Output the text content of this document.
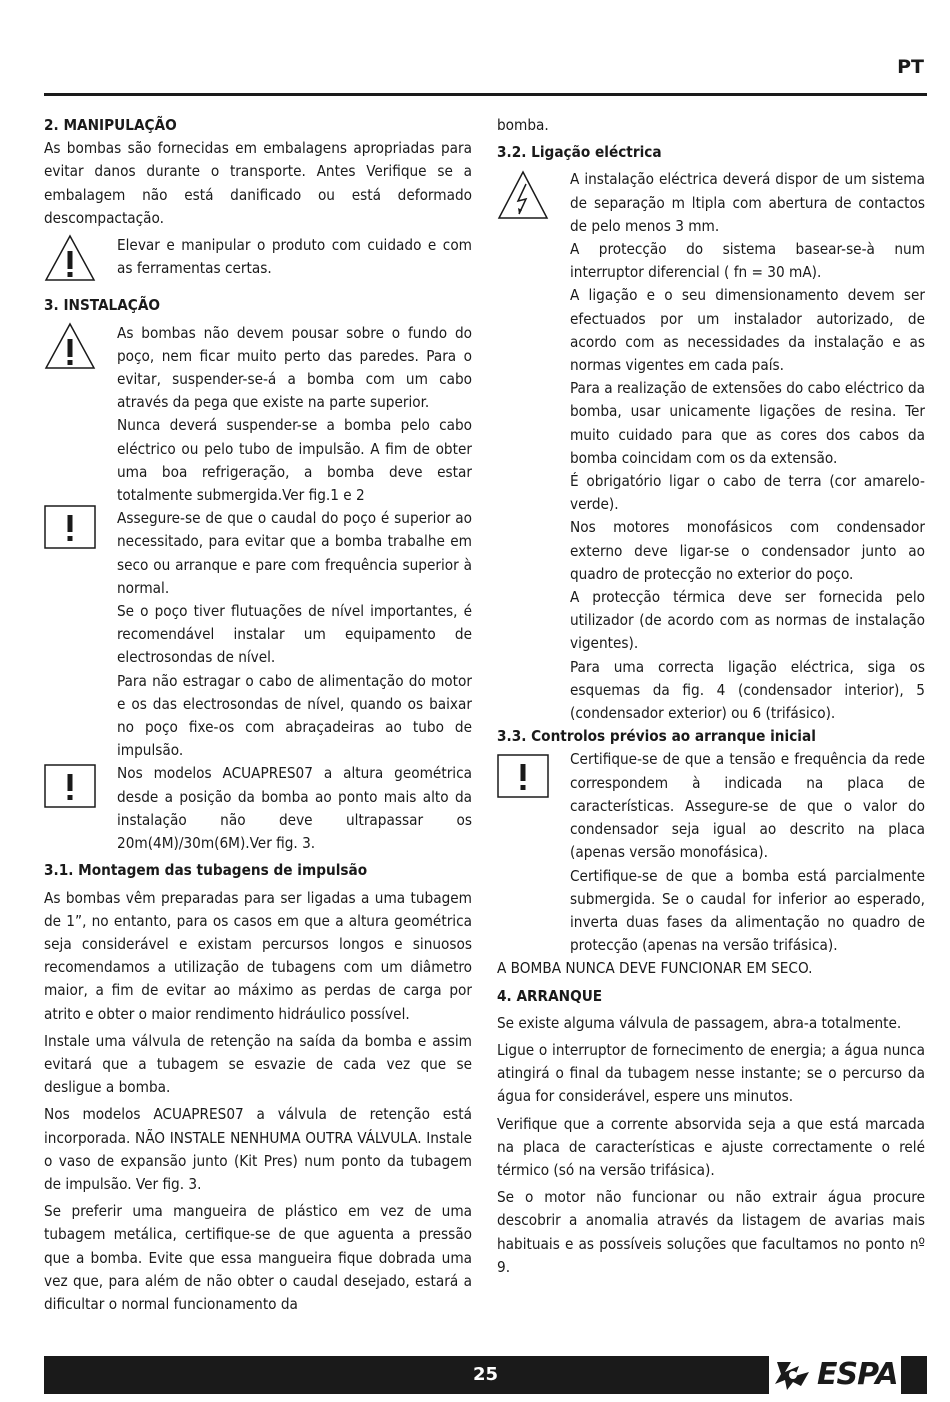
PT

2. MANIPULAÇÃO

As bombas são fornecidas em embalagens apropriadas para evitar danos durante o transporte. Antes Verifique se a embalagem não está danificado ou está deformado descompactação.

Elevar e manipular o produto com cuidado e com as ferramentas certas.

3. INSTALAÇÃO

As bombas não devem pousar sobre o fundo do poço, nem ficar muito perto das paredes. Para o evitar, suspender-se-á a bomba com um cabo através da pega que existe na parte superior.

Nunca deverá suspender-se a bomba pelo cabo eléctrico ou pelo tubo de impulsão. A fim de obter uma boa refrigeração, a bomba deve estar totalmente submergida.Ver fig.1 e 2

Assegure-se de que o caudal do poço é superior ao necessitado, para evitar que a bomba trabalhe em seco ou arranque e pare com frequência superior à normal.

Se o poço tiver flutuações de nível importantes, é recomendável instalar um equipamento de electrosondas de nível.

Para não estragar o cabo de alimentação do motor e os das electrosondas de nível, quando os baixar no poço fixe-os com abraçadeiras ao tubo de impulsão.

Nos modelos ACUAPRES07 a altura geométrica desde a posição da bomba ao ponto mais alto da instalação não deve ultrapassar os 20m(4M)/30m(6M).Ver fig. 3.

3.1. Montagem das tubagens de impulsão

As bombas vêm preparadas para ser ligadas a uma tubagem de 1”, no entanto, para os casos em que a altura geométrica seja considerável e existam percursos longos e sinuosos recomendamos a utilização de tubagens com um diâmetro maior, a fim de evitar ao máximo as perdas de carga por atrito e obter o maior rendimento hidráulico possível.

Instale uma válvula de retenção na saída da bomba e assim evitará que a tubagem se esvazie de cada vez que se desligue a bomba.

Nos modelos ACUAPRES07 a válvula de retenção está incorporada. NÃO INSTALE NENHUMA OUTRA VÁLVULA. Instale o vaso de expansão junto (Kit Pres) num ponto da tubagem de impulsão. Ver fig. 3.

Se preferir uma mangueira de plástico em vez de uma tubagem metálica, certifique-se de que aguenta a pressão que a bomba. Evite que essa mangueira fique dobrada uma vez que, para além de não obter o caudal desejado, estará a dificultar o normal funcionamento da

bomba.

3.2. Ligação eléctrica

A instalação eléctrica deverá dispor de um sistema de separação m ltipla com abertura de contactos de pelo menos 3 mm.

A protecção do sistema basear-se-à num interruptor diferencial ( fn = 30 mA).

A ligação e o seu dimensionamento devem ser efectuados por um instalador autorizado, de acordo com as necessidades da instalação e as normas vigentes em cada país.

Para a realização de extensões do cabo eléctrico da bomba, usar unicamente ligações de resina. Ter muito cuidado para que as cores dos cabos da bomba coincidam com os da extensão.

É obrigatório ligar o cabo de terra (cor amarelo-verde).

Nos motores monofásicos com condensador externo deve ligar-se o condensador junto ao quadro de protecção no exterior do poço.

A protecção térmica deve ser fornecida pelo utilizador (de acordo com as normas de instalação vigentes).

Para uma correcta ligação eléctrica, siga os esquemas da fig. 4 (condensador interior), 5 (condensador exterior) ou 6 (trifásico).

3.3. Controlos prévios ao arranque inicial

Certifique-se de que a tensão e frequência da rede correspondem à indicada na placa de características. Assegure-se de que o valor do condensador seja igual ao descrito na placa (apenas versão monofásica).

Certifique-se de que a bomba está parcialmente submergida. Se o caudal for inferior ao esperado, inverta duas fases da alimentação no quadro de protecção (apenas na versão trifásica).

A BOMBA NUNCA DEVE FUNCIONAR EM SECO.

4. ARRANQUE

Se existe alguma válvula de passagem, abra-a totalmente.

Ligue o interruptor de fornecimento de energia; a água nunca atingirá o final da tubagem nesse instante; se o percurso da água for considerável, espere uns minutos.

Verifique que a corrente absorvida seja a que está marcada na placa de características e ajuste correctamente o relé térmico (só na versão trifásica).

Se o motor não funcionar ou não extrair água procure descobrir a anomalia através da listagem de avarias mais habituais e as possíveis soluções que facultamos no ponto nº 9.

25	ESPA
